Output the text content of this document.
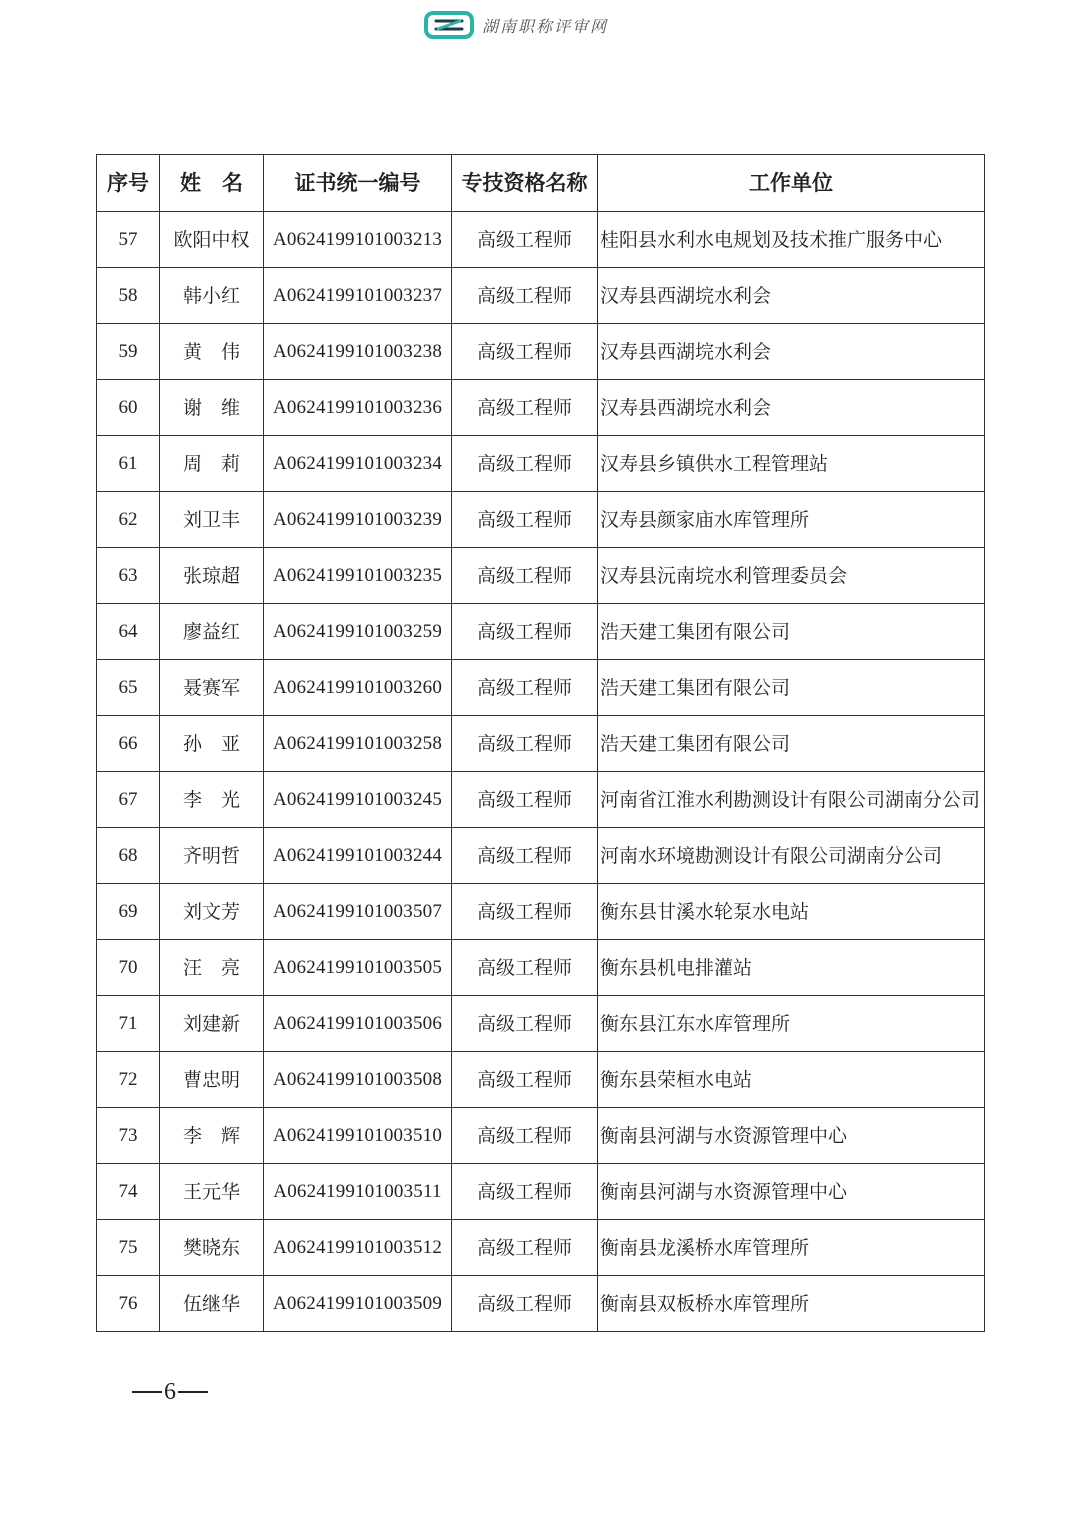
湖南职称评审网
序号	姓　名	证书统一编号	专技资格名称	工作单位
57	欧阳中权	A0624199101003213	高级工程师	桂阳县水利水电规划及技术推广服务中心
58	韩小红	A0624199101003237	高级工程师	汉寿县西湖垸水利会
59	黄　伟	A0624199101003238	高级工程师	汉寿县西湖垸水利会
60	谢　维	A0624199101003236	高级工程师	汉寿县西湖垸水利会
61	周　莉	A0624199101003234	高级工程师	汉寿县乡镇供水工程管理站
62	刘卫丰	A0624199101003239	高级工程师	汉寿县颜家庙水库管理所
63	张琼超	A0624199101003235	高级工程师	汉寿县沅南垸水利管理委员会
64	廖益红	A0624199101003259	高级工程师	浩天建工集团有限公司
65	聂赛军	A0624199101003260	高级工程师	浩天建工集团有限公司
66	孙　亚	A0624199101003258	高级工程师	浩天建工集团有限公司
67	李　光	A0624199101003245	高级工程师	河南省江淮水利勘测设计有限公司湖南分公司
68	齐明哲	A0624199101003244	高级工程师	河南水环境勘测设计有限公司湖南分公司
69	刘文芳	A0624199101003507	高级工程师	衡东县甘溪水轮泵水电站
70	汪　亮	A0624199101003505	高级工程师	衡东县机电排灌站
71	刘建新	A0624199101003506	高级工程师	衡东县江东水库管理所
72	曹忠明	A0624199101003508	高级工程师	衡东县荣桓水电站
73	李　辉	A0624199101003510	高级工程师	衡南县河湖与水资源管理中心
74	王元华	A0624199101003511	高级工程师	衡南县河湖与水资源管理中心
75	樊晓东	A0624199101003512	高级工程师	衡南县龙溪桥水库管理所
76	伍继华	A0624199101003509	高级工程师	衡南县双板桥水库管理所
6
